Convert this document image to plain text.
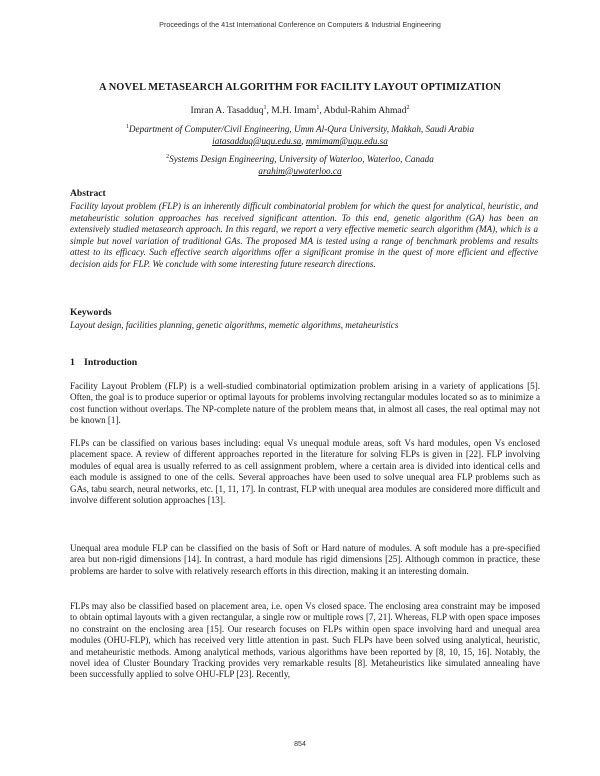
Proceedings of the 41st International Conference on Computers & Industrial Engineering
A NOVEL METASEARCH ALGORITHM FOR FACILITY LAYOUT OPTIMIZATION
Imran A. Tasadduq$^1$, M.H. Imam$^1$, Abdul-Rahim Ahmad$^2$
$^1$Department of Computer/Civil Engineering, Umm Al-Qura University, Makkah, Saudi Arabia
iatasadduq@uqu.edu.sa, mmimam@uqu.edu.sa
$^2$Systems Design Engineering, University of Waterloo, Waterloo, Canada
arahim@uwaterloo.ca
Abstract
Facility layout problem (FLP) is an inherently difficult combinatorial problem for which the quest for analytical, heuristic, and metaheuristic solution approaches has received significant attention. To this end, genetic algorithm (GA) has been an extensively studied metasearch approach. In this regard, we report a very effective memetic search algorithm (MA), which is a simple but novel variation of traditional GAs. The proposed MA is tested using a range of benchmark problems and results attest to its efficacy. Such effective search algorithms offer a significant promise in the quest of more efficient and effective decision aids for FLP. We conclude with some interesting future research directions.
Keywords
Layout design, facilities planning, genetic algorithms, memetic algorithms, metaheuristics
1 Introduction
Facility Layout Problem (FLP) is a well-studied combinatorial optimization problem arising in a variety of applications [5]. Often, the goal is to produce superior or optimal layouts for problems involving rectangular modules located so as to minimize a cost function without overlaps. The NP-complete nature of the problem means that, in almost all cases, the real optimal may not be known [1].
FLPs can be classified on various bases including: equal Vs unequal module areas, soft Vs hard modules, open Vs enclosed placement space. A review of different approaches reported in the literature for solving FLPs is given in [22]. FLP involving modules of equal area is usually referred to as cell assignment problem, where a certain area is divided into identical cells and each module is assigned to one of the cells. Several approaches have been used to solve unequal area FLP problems such as GAs, tabu search, neural networks, etc. [1, 11, 17]. In contrast, FLP with unequal area modules are considered more difficult and involve different solution approaches [13].
Unequal area module FLP can be classified on the basis of Soft or Hard nature of modules. A soft module has a pre-specified area but non-rigid dimensions [14]. In contrast, a hard module has rigid dimensions [25]. Although common in practice, these problems are harder to solve with relatively research efforts in this direction, making it an interesting domain.
FLPs may also be classified based on placement area, i.e. open Vs closed space. The enclosing area constraint may be imposed to obtain optimal layouts with a given rectangular, a single row or multiple rows [7, 21]. Whereas, FLP with open space imposes no constraint on the enclosing area [15]. Our research focuses on FLPs within open space involving hard and unequal area modules (OHU-FLP), which has received very little attention in past. Such FLPs have been solved using analytical, heuristic, and metaheuristic methods. Among analytical methods, various algorithms have been reported by [8, 10, 15, 16]. Notably, the novel idea of Cluster Boundary Tracking provides very remarkable results [8]. Metaheuristics like simulated annealing have been successfully applied to solve OHU-FLP [23]. Recently,
854
